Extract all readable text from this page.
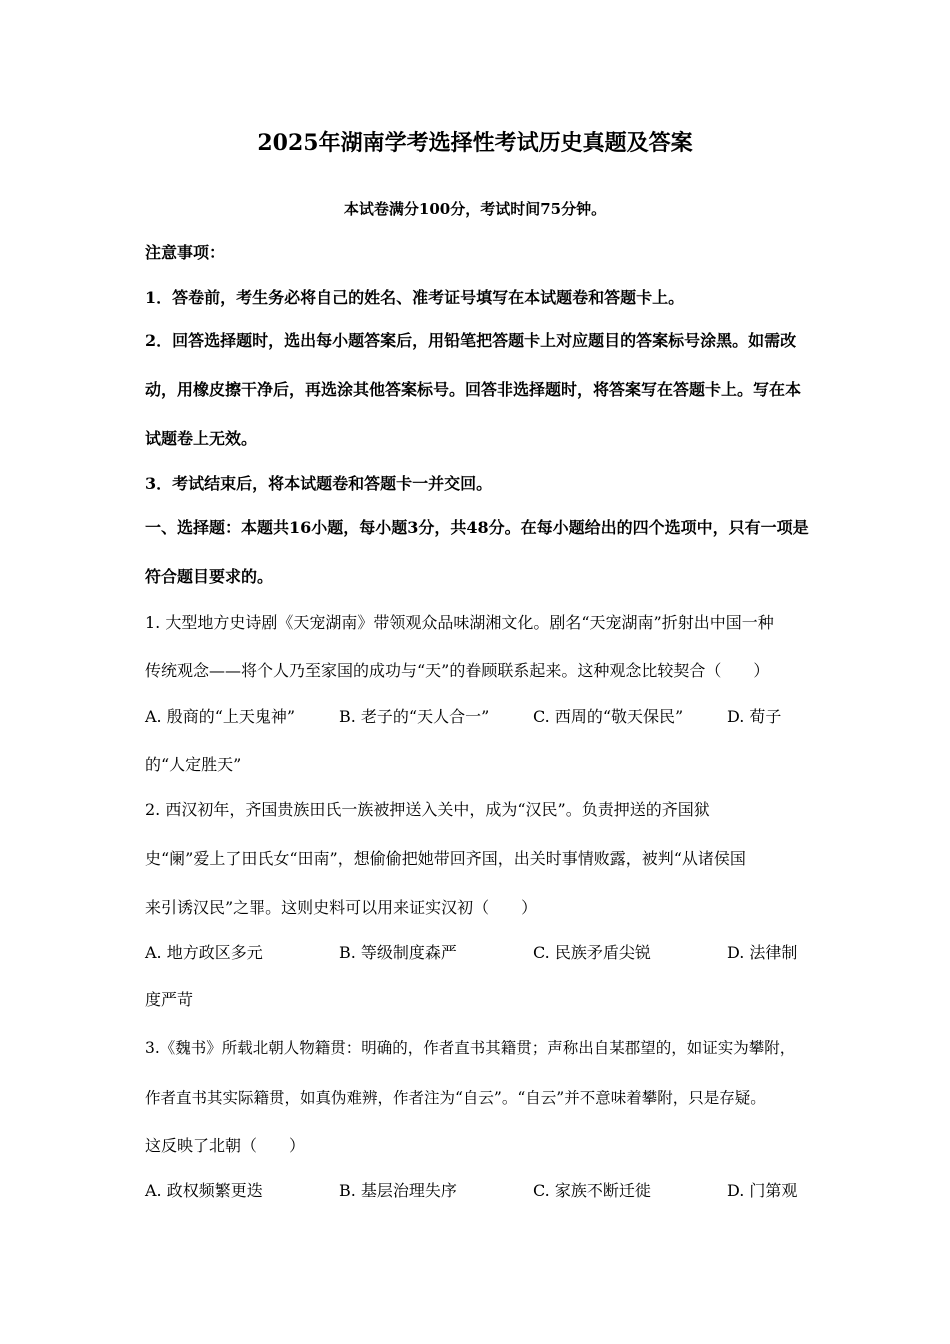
2025年湖南学考选择性考试历史真题及答案
本试卷满分100分，考试时间75分钟。
注意事项：
1．答卷前，考生务必将自己的姓名、准考证号填写在本试题卷和答题卡上。
2．回答选择题时，选出每小题答案后，用铅笔把答题卡上对应题目的答案标号涂黑。如需改
动，用橡皮擦干净后，再选涂其他答案标号。回答非选择题时，将答案写在答题卡上。写在本
试题卷上无效。
3．考试结束后，将本试题卷和答题卡一并交回。
一、选择题：本题共16小题，每小题3分，共48分。在每小题给出的四个选项中，只有一项是
符合题目要求的。
1. 大型地方史诗剧《天宠湖南》带领观众品味湖湘文化。剧名“天宠湖南”折射出中国一种
传统观念——将个人乃至家国的成功与“天”的眷顾联系起来。这种观念比较契合（　　）
A. 殷商的“上天鬼神”	B. 老子的“天人合一”	C. 西周的“敬天保民”	D. 荀子
的“人定胜天”
2. 西汉初年，齐国贵族田氏一族被押送入关中，成为“汉民”。负责押送的齐国狱
史“阑”爱上了田氏女“田南”，想偷偷把她带回齐国，出关时事情败露，被判“从诸侯国
来引诱汉民”之罪。这则史料可以用来证实汉初（　　）
A. 地方政区多元	B. 等级制度森严	C. 民族矛盾尖锐	D. 法律制
度严苛
3.《魏书》所载北朝人物籍贯：明确的，作者直书其籍贯；声称出自某郡望的，如证实为攀附，
作者直书其实际籍贯，如真伪难辨，作者注为“自云”。“自云”并不意味着攀附，只是存疑。
这反映了北朝（　　）
A. 政权频繁更迭	B. 基层治理失序	C. 家族不断迁徙	D. 门第观
